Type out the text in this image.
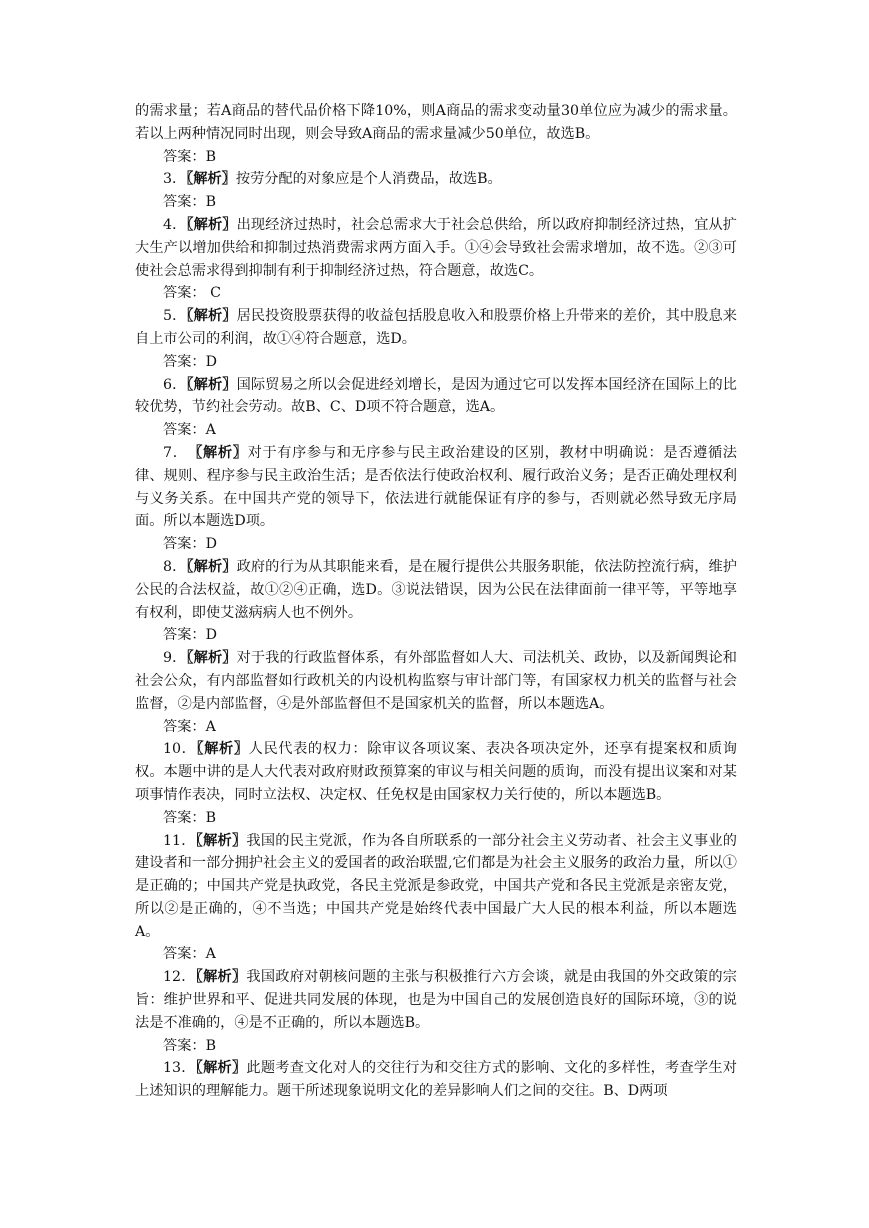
的需求量；若A商品的替代品价格下降10%，则A商品的需求变动量30单位应为减少的需求量。若以上两种情况同时出现，则会导致A商品的需求量减少50单位，故选B。

答案：B

3．〖解析〗按劳分配的对象应是个人消费品，故选B。

答案：B

4．〖解析〗出现经济过热时，社会总需求大于社会总供给，所以政府抑制经济过热，宜从扩大生产以增加供给和抑制过热消费需求两方面入手。①④会导致社会需求增加，故不选。②③可使社会总需求得到抑制有利于抑制经济过热，符合题意，故选C。

答案： C

5．〖解析〗居民投资股票获得的收益包括股息收入和股票价格上升带来的差价，其中股息来自上市公司的利润，故①④符合题意，选D。

答案：D

6．〖解析〗国际贸易之所以会促进经刘增长，是因为通过它可以发挥本国经济在国际上的比较优势，节约社会劳动。故B、C、D项不符合题意，选A。

答案：A

7．　〖解析〗对于有序参与和无序参与民主政治建设的区别，教材中明确说：是否遵循法律、规则、程序参与民主政治生活；是否依法行使政治权利、履行政治义务；是否正确处理权利与义务关系。在中国共产党的领导下，依法进行就能保证有序的参与，否则就必然导致无序局面。所以本题选D项。

答案：D

8．〖解析〗政府的行为从其职能来看，是在履行提供公共服务职能，依法防控流行病，维护公民的合法权益，故①②④正确，选D。③说法错误，因为公民在法律面前一律平等，平等地享有权利，即使艾滋病病人也不例外。

答案：D

9．〖解析〗对于我的行政监督体系，有外部监督如人大、司法机关、政协，以及新闻舆论和社会公众，有内部监督如行政机关的内设机构监察与审计部门等，有国家权力机关的监督与社会监督，②是内部监督，④是外部监督但不是国家机关的监督，所以本题选A。

答案：A

10．〖解析〗人民代表的权力：除审议各项议案、表决各项决定外，还享有提案权和质询权。本题中讲的是人大代表对政府财政预算案的审议与相关问题的质询，而没有提出议案和对某项事情作表决，同时立法权、决定权、任免权是由国家权力关行使的，所以本题选B。

答案：B

11．〖解析〗我国的民主党派，作为各自所联系的一部分社会主义劳动者、社会主义事业的建设者和一部分拥护社会主义的爱国者的政治联盟,它们都是为社会主义服务的政治力量，所以①是正确的；中国共产党是执政党，各民主党派是参政党，中国共产党和各民主党派是亲密友党，所以②是正确的，④不当选；中国共产党是始终代表中国最广大人民的根本利益，所以本题选A。

答案：A

12．〖解析〗我国政府对朝核问题的主张与积极推行六方会谈，就是由我国的外交政策的宗旨：维护世界和平、促进共同发展的体现，也是为中国自己的发展创造良好的国际环境，③的说法是不准确的，④是不正确的，所以本题选B。

答案：B

13．〖解析〗此题考查文化对人的交往行为和交往方式的影响、文化的多样性，考查学生对上述知识的理解能力。题干所述现象说明文化的差异影响人们之间的交往。B、D两项
